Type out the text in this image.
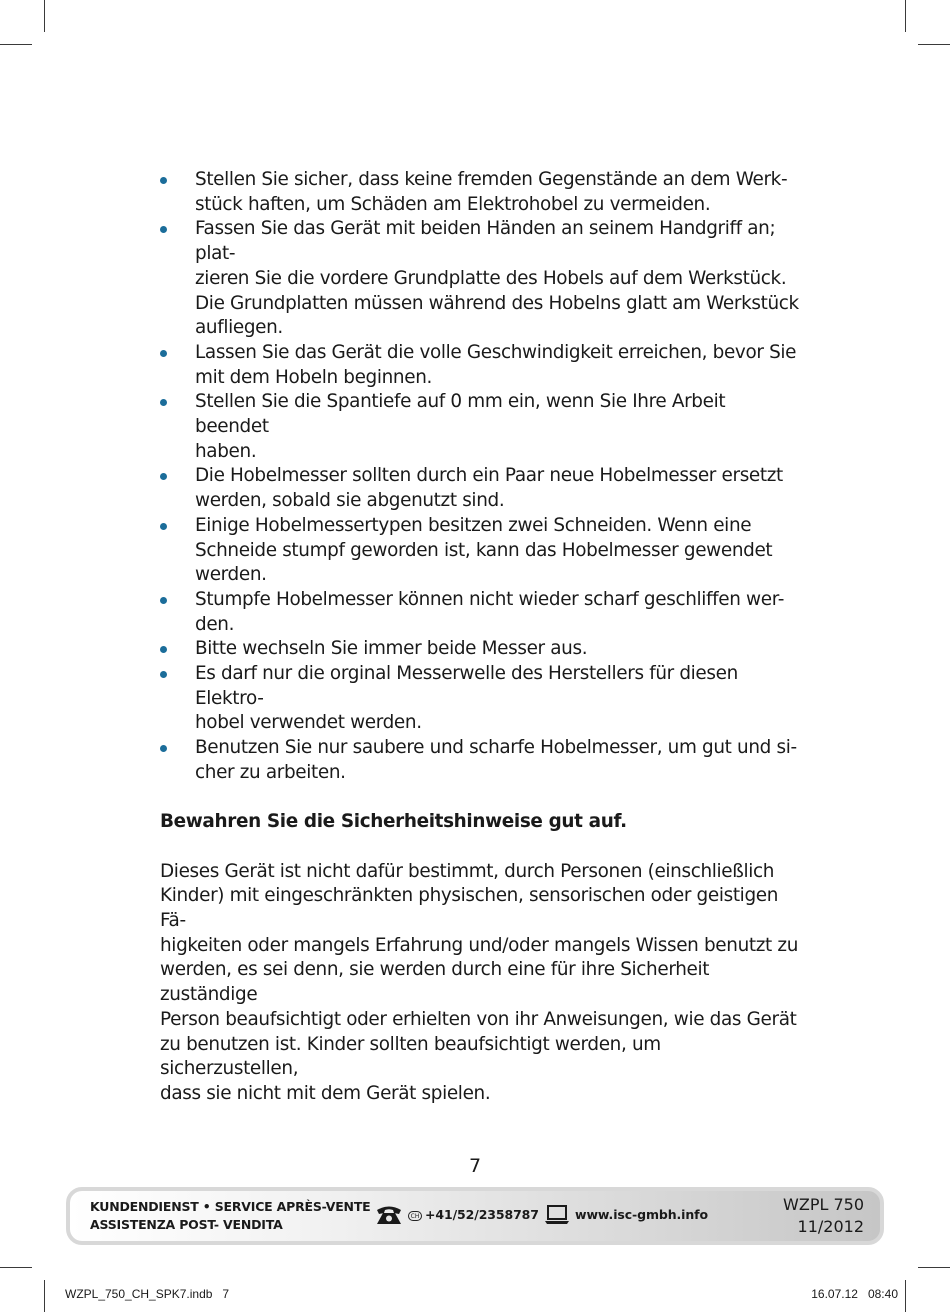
Stellen Sie sicher, dass keine fremden Gegenstände an dem Werk-
stück haften, um Schäden am Elektrohobel zu vermeiden.
Fassen Sie das Gerät mit beiden Händen an seinem Handgriff an; plat-
zieren Sie die vordere Grundplatte des Hobels auf dem Werkstück.
Die Grundplatten müssen während des Hobelns glatt am Werkstück
aufliegen.
Lassen Sie das Gerät die volle Geschwindigkeit erreichen, bevor Sie
mit dem Hobeln beginnen.
Stellen Sie die Spantiefe auf 0 mm ein, wenn Sie Ihre Arbeit beendet
haben.
Die Hobelmesser sollten durch ein Paar neue Hobelmesser ersetzt
werden, sobald sie abgenutzt sind.
Einige Hobelmessertypen besitzen zwei Schneiden. Wenn eine
Schneide stumpf geworden ist, kann das Hobelmesser gewendet
werden.
Stumpfe Hobelmesser können nicht wieder scharf geschliffen wer-
den.
Bitte wechseln Sie immer beide Messer aus.
Es darf nur die orginal Messerwelle des Herstellers für diesen Elektro-
hobel verwendet werden.
Benutzen Sie nur saubere und scharfe Hobelmesser, um gut und si-
cher zu arbeiten.
Bewahren Sie die Sicherheitshinweise gut auf.
Dieses Gerät ist nicht dafür bestimmt, durch Personen (einschließlich
Kinder) mit eingeschränkten physischen, sensorischen oder geistigen Fä-
higkeiten oder mangels Erfahrung und/oder mangels Wissen benutzt zu
werden, es sei denn, sie werden durch eine für ihre Sicherheit zuständige
Person beaufsichtigt oder erhielten von ihr Anweisungen, wie das Gerät
zu benutzen ist. Kinder sollten beaufsichtigt werden, um sicherzustellen,
dass sie nicht mit dem Gerät spielen.
7
KUNDENDIENST • SERVICE APRÈS-VENTE
ASSISTENZA POST- VENDITA	CH +41/52/2358787	www.isc-gmbh.info
WZPL 750
11/2012
WZPL_750_CH_SPK7.indb   7	16.07.12   08:40
